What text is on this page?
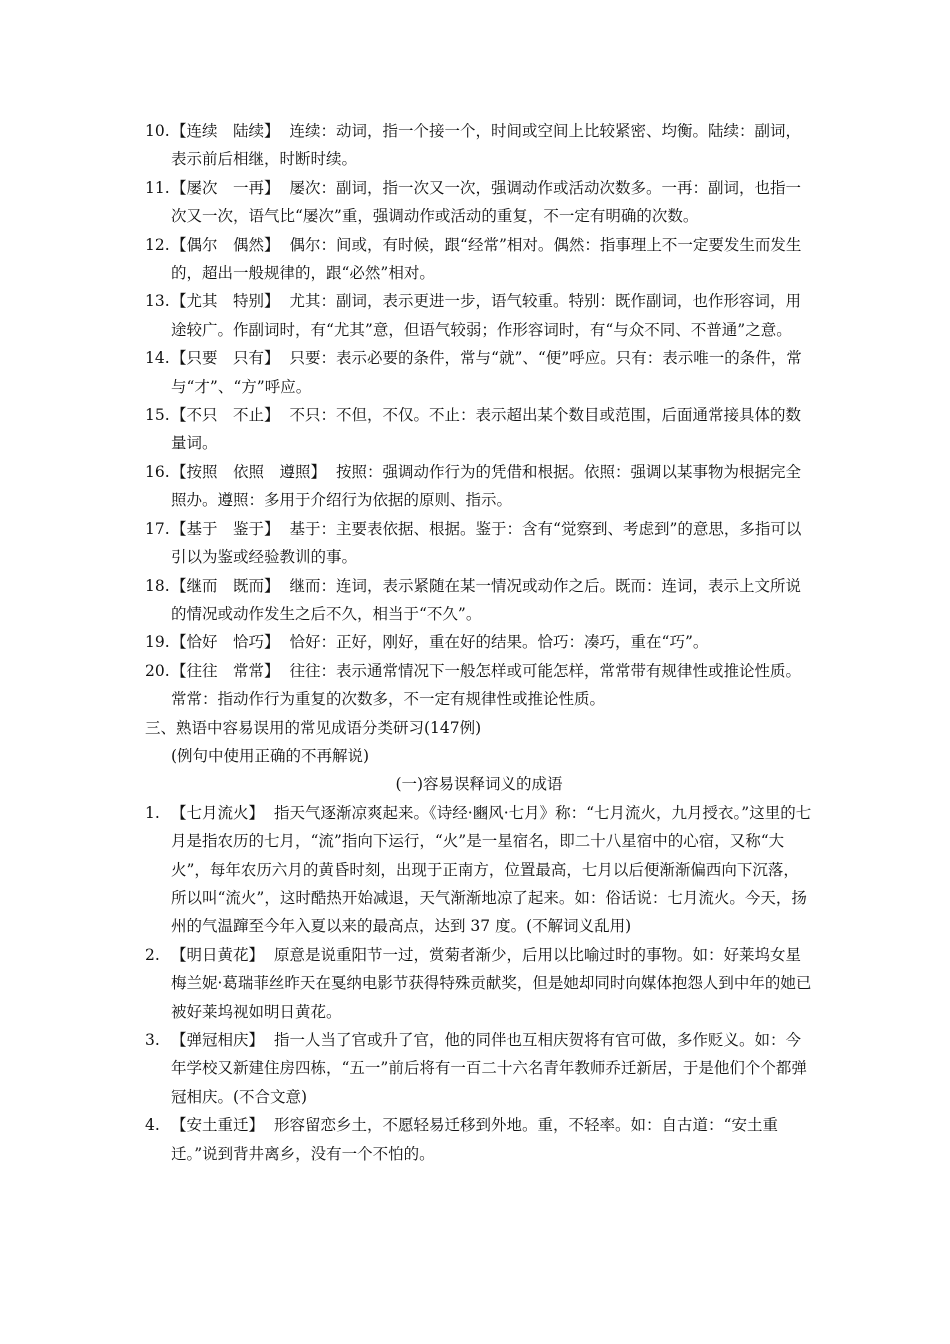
10. 【连续　陆续】 连续：动词，指一个接一个，时间或空间上比较紧密、均衡。陆续：副词，表示前后相继，时断时续。
11. 【屡次　一再】 屡次：副词，指一次又一次，强调动作或活动次数多。一再：副词，也指一次又一次，语气比“屡次”重，强调动作或活动的重复，不一定有明确的次数。
12. 【偶尔　偶然】 偶尔：间或，有时候，跟“经常”相对。偶然：指事理上不一定要发生而发生的，超出一般规律的，跟“必然”相对。
13. 【尤其　特别】 尤其：副词，表示更进一步，语气较重。特别：既作副词，也作形容词，用途较广。作副词时，有“尤其”意，但语气较弱；作形容词时，有“与众不同、不普通”之意。
14. 【只要　只有】 只要：表示必要的条件，常与“就”、“便”呼应。只有：表示唯一的条件，常与“才”、“方”呼应。
15. 【不只　不止】 不只：不但，不仅。不止：表示超出某个数目或范围，后面通常接具体的数量词。
16. 【按照　依照　遵照】 按照：强调动作行为的凭借和根据。依照：强调以某事物为根据完全照办。遵照：多用于介绍行为依据的原则、指示。
17. 【基于　鉴于】 基于：主要表依据、根据。鉴于：含有“觉察到、考虑到”的意思，多指可以引以为鉴或经验教训的事。
18. 【继而　既而】 继而：连词，表示紧随在某一情况或动作之后。既而：连词，表示上文所说的情况或动作发生之后不久，相当于“不久”。
19. 【恰好　恰巧】 恰好：正好，刚好，重在好的结果。恰巧：凑巧，重在“巧”。
20. 【往往　常常】 往往：表示通常情况下一般怎样或可能怎样，常常带有规律性或推论性质。常常：指动作行为重复的次数多，不一定有规律性或推论性质。
三、熟语中容易误用的常见成语分类研习(147例)
(例句中使用正确的不再解说)
(一)容易误释词义的成语
1. 【七月流火】 指天气逐渐凉爽起来。《诗经·豳风·七月》称：“七月流火，九月授衣。”这里的七月是指农历的七月，“流”指向下运行，“火”是一星宿名，即二十八星宿中的心宿，又称“大火”，每年农历六月的黄昏时刻，出现于正南方，位置最高，七月以后便渐渐偏西向下沉落，所以叫“流火”，这时酷热开始减退，天气渐渐地凉了起来。如：俗话说：七月流火。今天，扬州的气温蹿至今年入夏以来的最高点，达到 37 度。(不解词义乱用)
2. 【明日黄花】 原意是说重阳节一过，赏菊者渐少，后用以比喻过时的事物。如：好莱坞女星梅兰妮·葛瑞菲丝昨天在戛纳电影节获得特殊贡献奖，但是她却同时向媒体抱怨人到中年的她已被好莱坞视如明日黄花。
3. 【弹冠相庆】 指一人当了官或升了官，他的同伴也互相庆贺将有官可做，多作贬义。如：今年学校又新建住房四栋，“五一”前后将有一百二十六名青年教师乔迁新居，于是他们个个都弹冠相庆。(不合文意)
4. 【安土重迁】 形容留恋乡土，不愿轻易迁移到外地。重，不轻率。如：自古道：“安土重迁。”说到背井离乡，没有一个不怕的。
